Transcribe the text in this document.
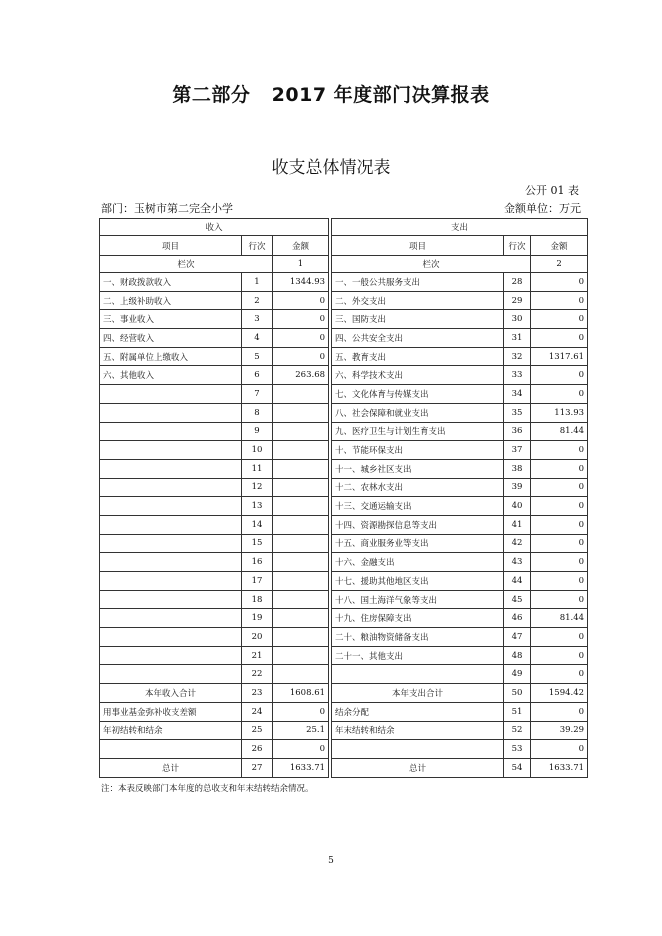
第二部分   2017 年度部门决算报表
收支总体情况表
公开 01 表
部门：玉树市第二完全小学	金额单位：万元
收入				支出		
项目	行次	金额		项目	行次	金额
栏次		1		栏次		2
一、财政拨款收入	1	1344.93		一、一般公共服务支出	28	0
二、上级补助收入	2	0		二、外交支出	29	0
三、事业收入	3	0		三、国防支出	30	0
四、经营收入	4	0		四、公共安全支出	31	0
五、附属单位上缴收入	5	0		五、教育支出	32	1317.61
六、其他收入	6	263.68		六、科学技术支出	33	0
	7			七、文化体育与传媒支出	34	0
	8			八、社会保障和就业支出	35	113.93
	9			九、医疗卫生与计划生育支出	36	81.44
	10			十、节能环保支出	37	0
	11			十一、城乡社区支出	38	0
	12			十二、农林水支出	39	0
	13			十三、交通运输支出	40	0
	14			十四、资源勘探信息等支出	41	0
	15			十五、商业服务业等支出	42	0
	16			十六、金融支出	43	0
	17			十七、援助其他地区支出	44	0
	18			十八、国土海洋气象等支出	45	0
	19			十九、住房保障支出	46	81.44
	20			二十、粮油物资储备支出	47	0
	21			二十一、其他支出	48	0
	22				49	0
本年收入合计	23	1608.61		本年支出合计	50	1594.42
用事业基金弥补收支差额	24	0		结余分配	51	0
年初结转和结余	25	25.1		年末结转和结余	52	39.29
	26	0			53	0
总计	27	1633.71		总计	54	1633.71
注：本表反映部门本年度的总收支和年末结转结余情况。
5
